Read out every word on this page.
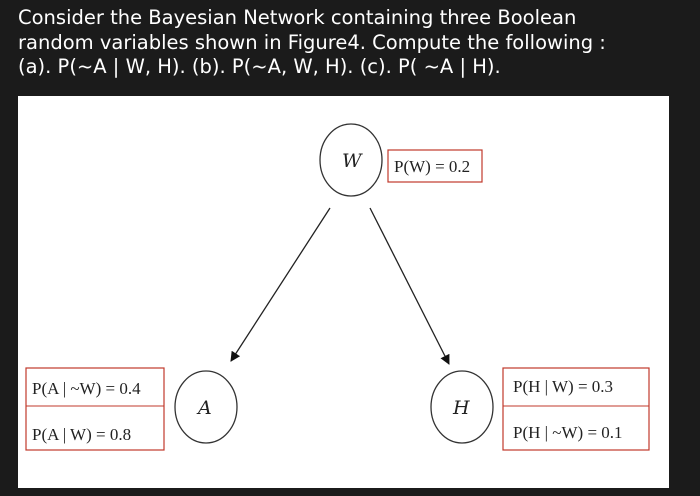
Consider the Bayesian Network containing three Boolean
random variables shown in Figure4. Compute the following :
(a). P(~A | W, H). (b). P(~A, W, H). (c). P( ~A | H).

W
A	H
P(W) = 0.2
P(A | ~W) = 0.4
P(A | W) = 0.8
P(H | W) = 0.3
P(H | ~W) = 0.1
